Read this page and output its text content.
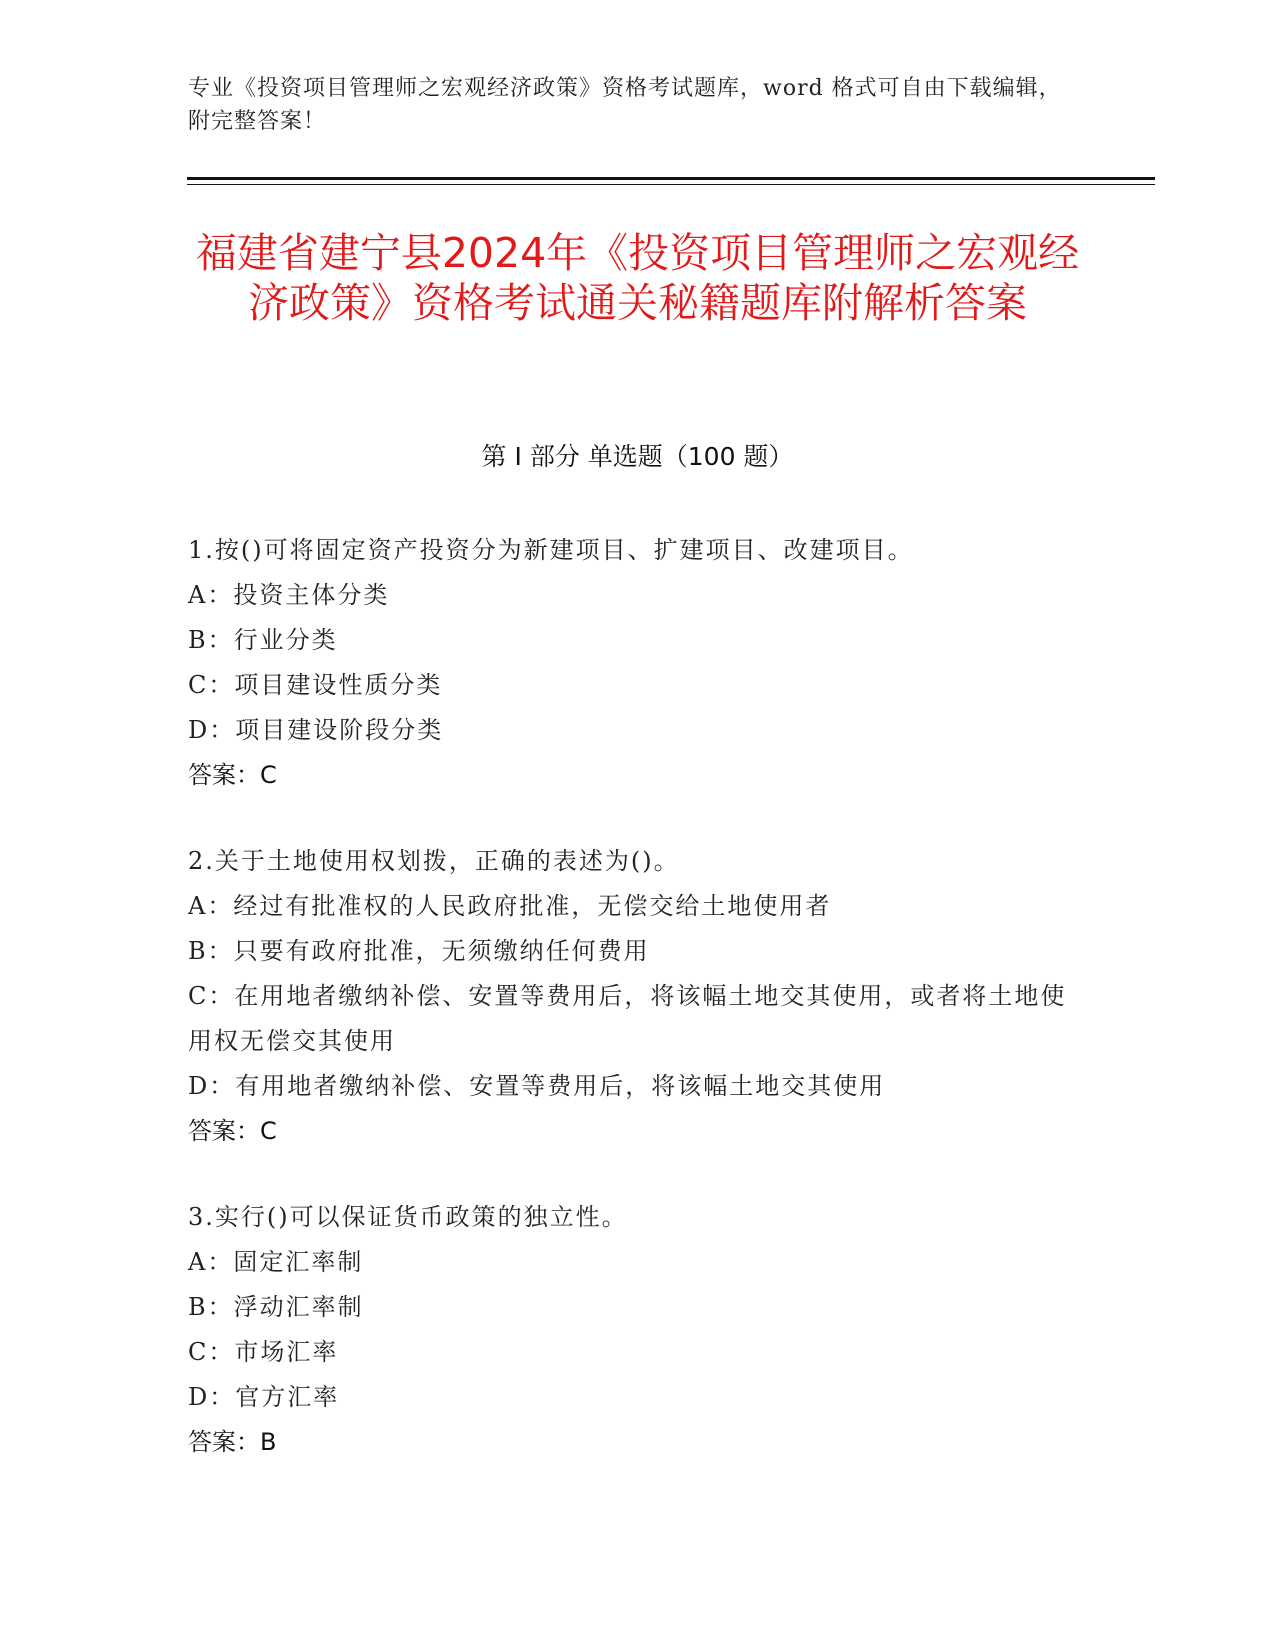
专业《投资项目管理师之宏观经济政策》资格考试题库，word 格式可自由下载编辑，附完整答案！
福建省建宁县2024年《投资项目管理师之宏观经济政策》资格考试通关秘籍题库附解析答案
第 I 部分 单选题（100 题）
1.按()可将固定资产投资分为新建项目、扩建项目、改建项目。
A：投资主体分类
B：行业分类
C：项目建设性质分类
D：项目建设阶段分类
答案：C
2.关于土地使用权划拨，正确的表述为()。
A：经过有批准权的人民政府批准，无偿交给土地使用者
B：只要有政府批准，无须缴纳任何费用
C：在用地者缴纳补偿、安置等费用后，将该幅土地交其使用，或者将土地使用权无偿交其使用
D：有用地者缴纳补偿、安置等费用后，将该幅土地交其使用
答案：C
3.实行()可以保证货币政策的独立性。
A：固定汇率制
B：浮动汇率制
C：市场汇率
D：官方汇率
答案：B
